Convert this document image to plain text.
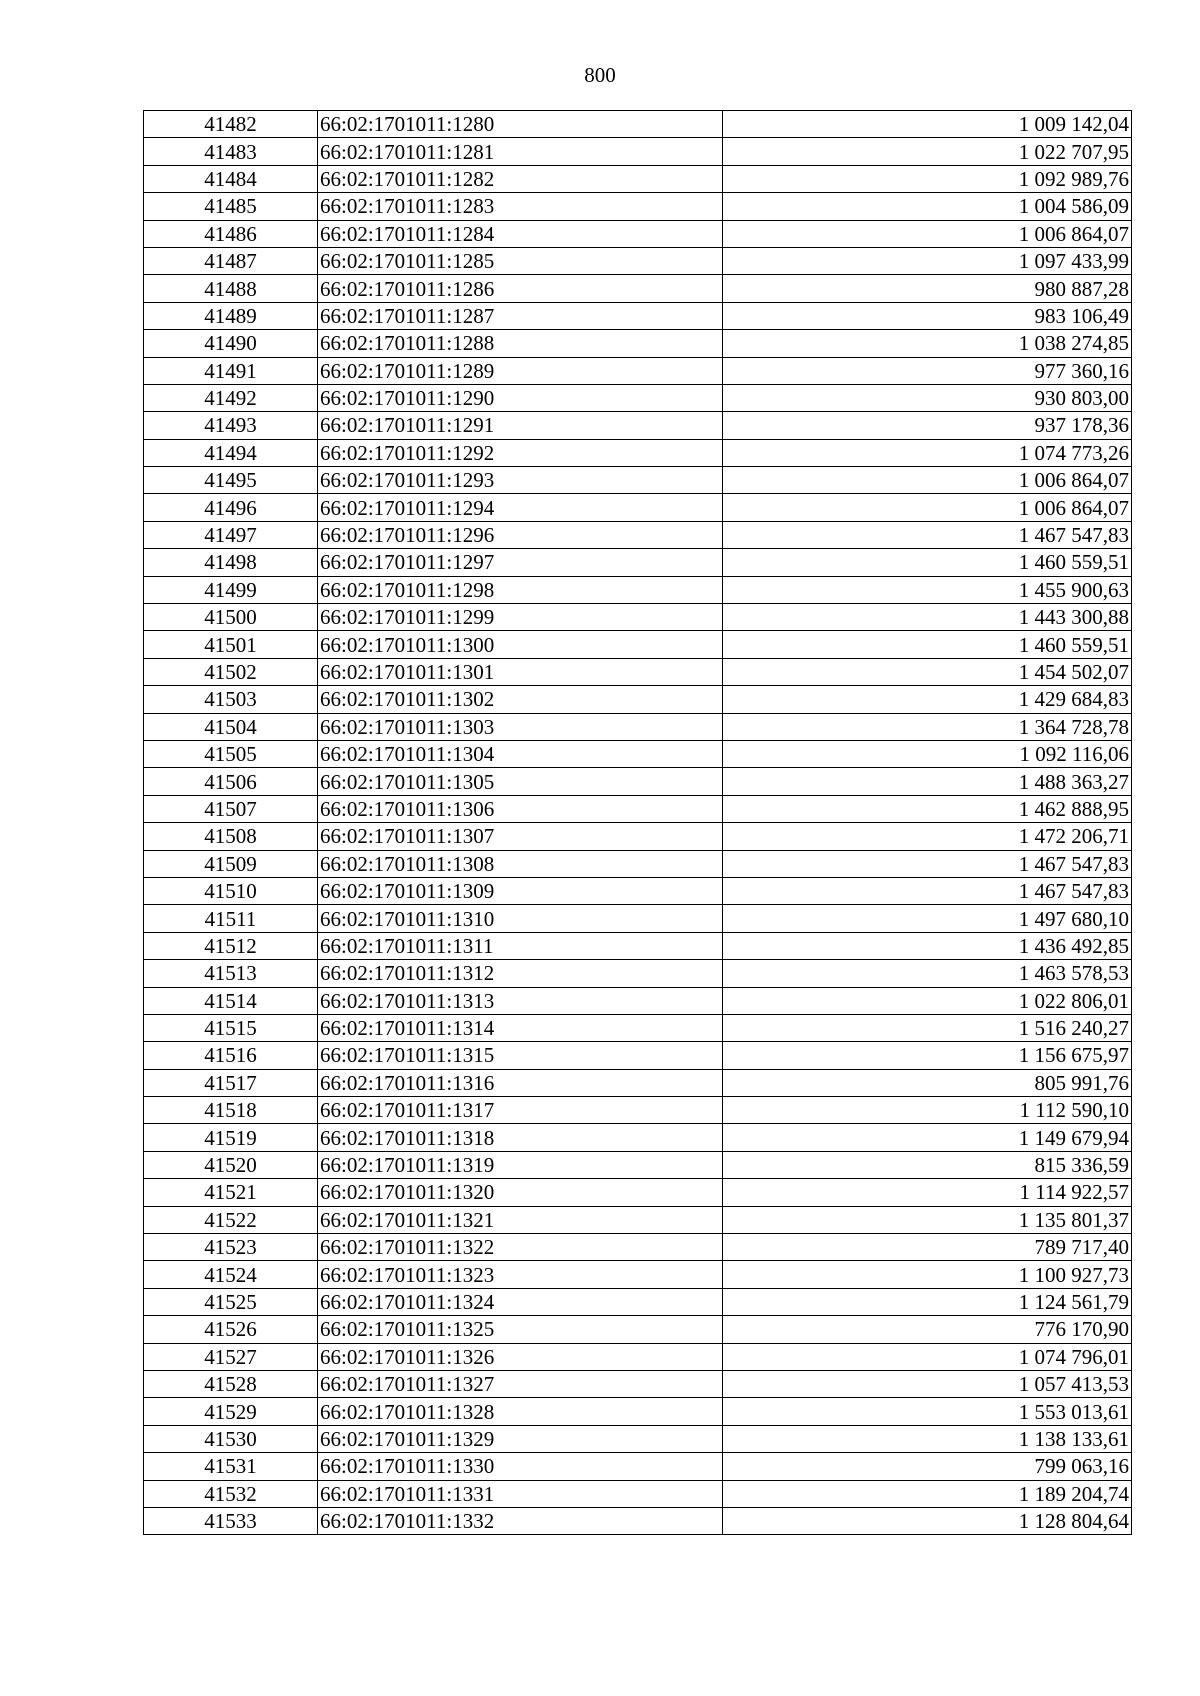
800
41482	66:02:1701011:1280	1 009 142,04
41483	66:02:1701011:1281	1 022 707,95
41484	66:02:1701011:1282	1 092 989,76
41485	66:02:1701011:1283	1 004 586,09
41486	66:02:1701011:1284	1 006 864,07
41487	66:02:1701011:1285	1 097 433,99
41488	66:02:1701011:1286	980 887,28
41489	66:02:1701011:1287	983 106,49
41490	66:02:1701011:1288	1 038 274,85
41491	66:02:1701011:1289	977 360,16
41492	66:02:1701011:1290	930 803,00
41493	66:02:1701011:1291	937 178,36
41494	66:02:1701011:1292	1 074 773,26
41495	66:02:1701011:1293	1 006 864,07
41496	66:02:1701011:1294	1 006 864,07
41497	66:02:1701011:1296	1 467 547,83
41498	66:02:1701011:1297	1 460 559,51
41499	66:02:1701011:1298	1 455 900,63
41500	66:02:1701011:1299	1 443 300,88
41501	66:02:1701011:1300	1 460 559,51
41502	66:02:1701011:1301	1 454 502,07
41503	66:02:1701011:1302	1 429 684,83
41504	66:02:1701011:1303	1 364 728,78
41505	66:02:1701011:1304	1 092 116,06
41506	66:02:1701011:1305	1 488 363,27
41507	66:02:1701011:1306	1 462 888,95
41508	66:02:1701011:1307	1 472 206,71
41509	66:02:1701011:1308	1 467 547,83
41510	66:02:1701011:1309	1 467 547,83
41511	66:02:1701011:1310	1 497 680,10
41512	66:02:1701011:1311	1 436 492,85
41513	66:02:1701011:1312	1 463 578,53
41514	66:02:1701011:1313	1 022 806,01
41515	66:02:1701011:1314	1 516 240,27
41516	66:02:1701011:1315	1 156 675,97
41517	66:02:1701011:1316	805 991,76
41518	66:02:1701011:1317	1 112 590,10
41519	66:02:1701011:1318	1 149 679,94
41520	66:02:1701011:1319	815 336,59
41521	66:02:1701011:1320	1 114 922,57
41522	66:02:1701011:1321	1 135 801,37
41523	66:02:1701011:1322	789 717,40
41524	66:02:1701011:1323	1 100 927,73
41525	66:02:1701011:1324	1 124 561,79
41526	66:02:1701011:1325	776 170,90
41527	66:02:1701011:1326	1 074 796,01
41528	66:02:1701011:1327	1 057 413,53
41529	66:02:1701011:1328	1 553 013,61
41530	66:02:1701011:1329	1 138 133,61
41531	66:02:1701011:1330	799 063,16
41532	66:02:1701011:1331	1 189 204,74
41533	66:02:1701011:1332	1 128 804,64
